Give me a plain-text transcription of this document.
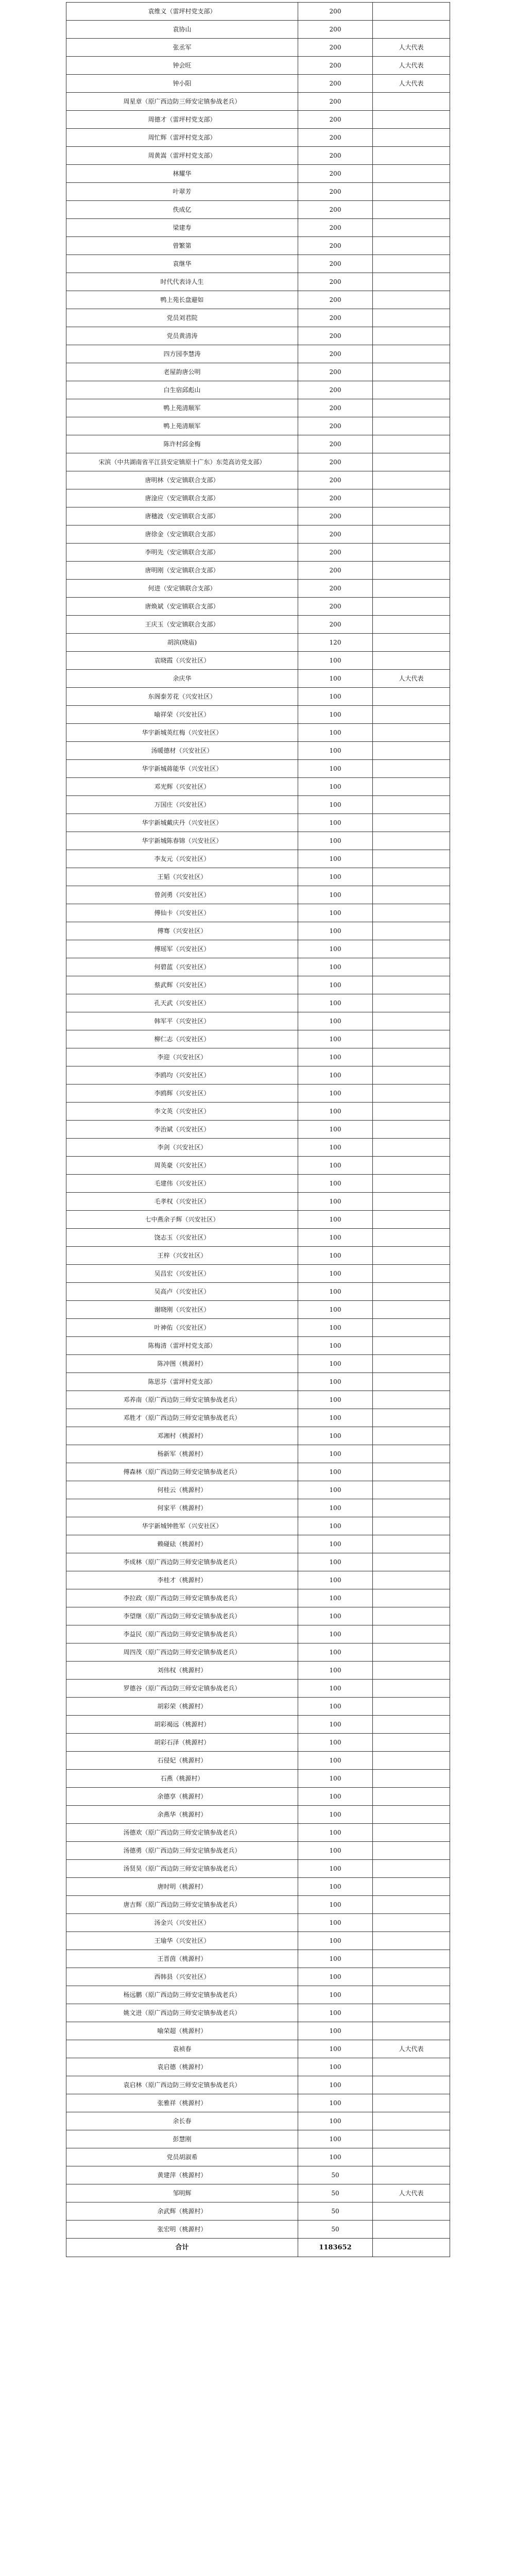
袁维义（雷坪村党支部）	200
袁协山	200
张丞军	200	人大代表
钟会旺	200	人大代表
钟小阳	200	人大代表
周星章（原广西边防三师安定镇参战老兵）	200
周德才（雷坪村党支部）	200
周忙辉（雷坪村党支部）	200
周黄嵩（雷坪村党支部）	200
林耀华	200
叶翠芳	200
佚成亿	200
梁建寿	200
曾繁第	200
袁继华	200
时代代表诗人生	200
鸭上苑长盘避如	200
党员刘君院	200
党员黄清涛	200
四方园李慧涛	200
老屋韵唐公明	200
白生宿邱彪山	200
鸭上苑清顺军	200
鸭上苑清顺军	200
陈许村邱金梅	200
宋滨（中共湖南省平江县安定镇原十广东）东莞高访党支部）	200
唐明林（安定镇联合支部）	200
唐淦应（安定镇联合支部）	200
唐穗波（安定镇联合支部）	200
唐徐金（安定镇联合支部）	200
李明先（安定镇联合支部）	200
唐明刚（安定镇联合支部）	200
何进（安定镇联合支部）	200
唐焕斌（安定镇联合支部）	200
王庆玉（安定镇联合支部）	200
胡滨(晓庙)	120
袁晓霞（兴安社区）	100
余庆华	100	人大代表
东阁泰芳花（兴安社区）	100
喻祥荣（兴安社区）	100
华宇新城英红梅（兴安社区）	100
汤暖德材（兴安社区）	100
华宇新城蒋能华（兴安社区）	100
邓光辉（兴安社区）	100
万国庄（兴安社区）	100
华宇新城戴庆丹（兴安社区）	100
华宇新城陈春锦（兴安社区）	100
李友元（兴安社区）	100
王韬（兴安社区）	100
曾剑勇（兴安社区）	100
傅仙卡（兴安社区）	100
傅骞（兴安社区）	100
傅瑶军（兴安社区）	100
何碧蓝（兴安社区）	100
蔡武辉（兴安社区）	100
孔天武（兴安社区）	100
韩军平（兴安社区）	100
柳仁志（兴安社区）	100
李迎（兴安社区）	100
李鸥均（兴安社区）	100
李鸥辉（兴安社区）	100
李文英（兴安社区）	100
李治斌（兴安社区）	100
李剑（兴安社区）	100
周英豪（兴安社区）	100
毛建伟（兴安社区）	100
毛孝权（兴安社区）	100
七中燕余子辉（兴安社区）	100
饶志玉（兴安社区）	100
王梓（兴安社区）	100
吴昌宏（兴安社区）	100
吴高卢（兴安社区）	100
谢晓刚（兴安社区）	100
叶神佑（兴安社区）	100
陈梅清（雷坪村党支部）	100
陈冲图（桃源村）	100
陈思芬（雷坪村党支部）	100
邓养南（原广西边防三师安定镇参战老兵）	100
邓胜才（原广西边防三师安定镇参战老兵）	100
邓湘村（桃源村）	100
杨新军（桃源村）	100
傅森林（原广西边防三师安定镇参战老兵）	100
何桂云（桃源村）	100
何家平（桃源村）	100
华宇新城钟胜军（兴安社区）	100
赖碰砝（桃源村）	100
李成林（原广西边防三师安定镇参战老兵）	100
李桂才（桃源村）	100
李拉政（原广西边防三师安定镇参战老兵）	100
李望继（原广西边防三师安定镇参战老兵）	100
李益民（原广西边防三师安定镇参战老兵）	100
周四茂（原广西边防三师安定镇参战老兵）	100
刘伟权（桃源村）	100
罗德谷（原广西边防三师安定镇参战老兵）	100
胡彩荣（桃源村）	100
胡彩褐远（桃源村）	100
胡彩石泽（桃源村）	100
石侵妃（桃源村）	100
石燕（桃源村）	100
余德享（桃源村）	100
余燕华（桃源村）	100
汤德欢（原广西边防三师安定镇参战老兵）	100
汤德勇（原广西边防三师安定镇参战老兵）	100
汤贤昊（原广西边防三师安定镇参战老兵）	100
唐时明（桃源村）	100
唐吉辉（原广西边防三师安定镇参战老兵）	100
汤金兴（兴安社区）	100
王瑜华（兴安社区）	100
王晋茵（桃源村）	100
西韩县（兴安社区）	100
杨远鹏（原广西边防三师安定镇参战老兵）	100
姚文进（原广西边防三师安定镇参战老兵）	100
喻荣超（桃源村）	100
袁祯春	100	人大代表
袁启德（桃源村）	100
袁启林（原广西边防三师安定镇参战老兵）	100
张雅祥（桃源村）	100
余长春	100
彭慧刚	100
党员胡淑希	100
黄建萍（桃源村）	50
邹明辉	50	人大代表
余武辉（桃源村）	50
张宏明（桃源村）	50
合计	1183652
